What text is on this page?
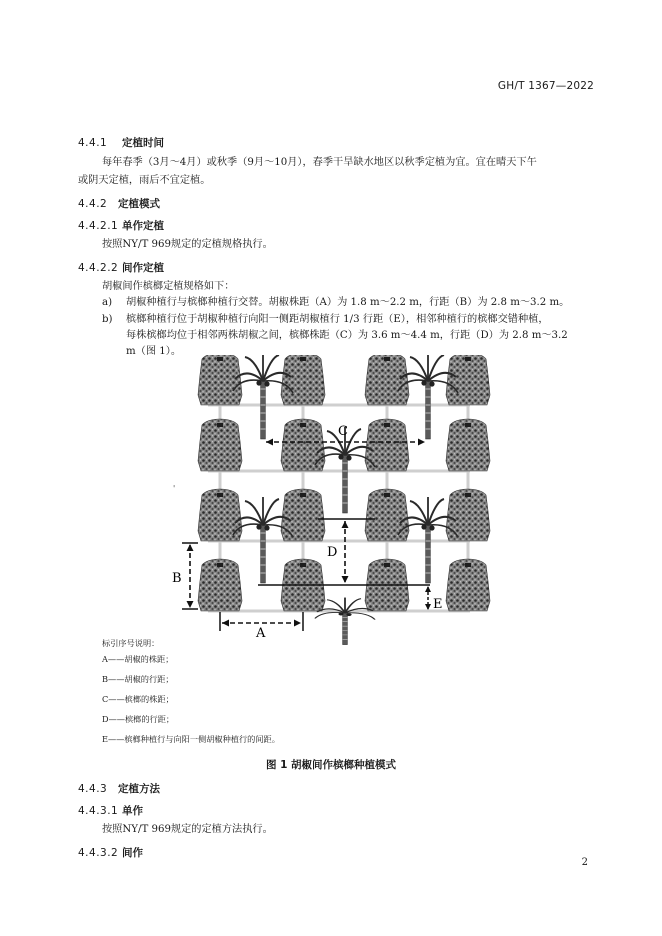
GH/T 1367—2022
4.4.1 定植时间
每年春季（3月～4月）或秋季（9月～10月），春季干旱缺水地区以秋季定植为宜。宜在晴天下午
或阴天定植，雨后不宜定植。
4.4.2 定植模式
4.4.2.1 单作定植
按照NY/T 969规定的定植规格执行。
4.4.2.2 间作定植
胡椒间作槟榔定植规格如下：
a) 胡椒种植行与槟榔种植行交替。胡椒株距（A）为 1.8 m～2.2 m，行距（B）为 2.8 m～3.2 m。
b) 槟榔种植行位于胡椒种植行向阳一侧距胡椒植行 1/3 行距（E），相邻种植行的槟榔交错种植，
每株槟榔均位于相邻两株胡椒之间，槟榔株距（C）为 3.6 m～4.4 m，行距（D）为 2.8 m～3.2
m（图 1）。
C
D
B
A
E
'
标引序号说明：
A——胡椒的株距；
B——胡椒的行距；
C——槟榔的株距；
D——槟榔的行距；
E——槟榔种植行与向阳一侧胡椒种植行的间距。
图 1 胡椒间作槟榔种植模式
4.4.3 定植方法
4.4.3.1 单作
按照NY/T 969规定的定植方法执行。
4.4.3.2 间作
2
